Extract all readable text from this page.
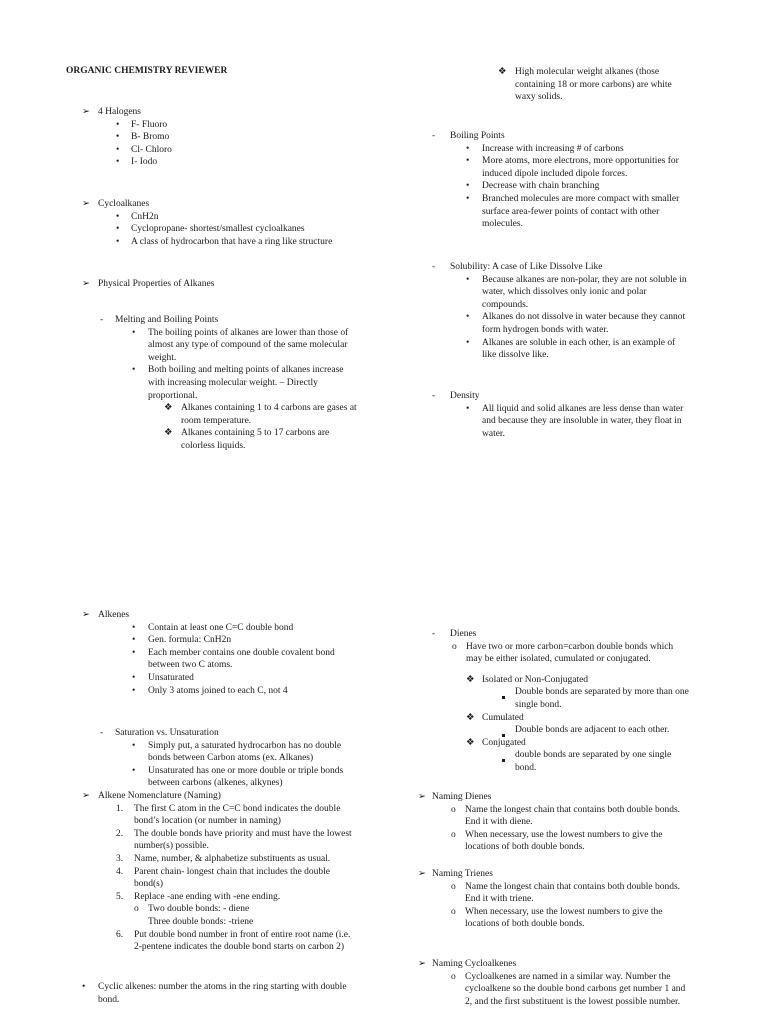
ORGANIC CHEMISTRY REVIEWER
➢ 4 Halogens
• F- Fluoro
• B- Bromo
• Cl- Chloro
• I- Iodo
➢ Cycloalkanes
• CnH2n
• Cyclopropane- shortest/smallest cycloalkanes
• A class of hydrocarbon that have a ring like structure
➢ Physical Properties of Alkanes
- Melting and Boiling Points
• The boiling points of alkanes are lower than those of
almost any type of compound of the same molecular
weight.
• Both boiling and melting points of alkanes increase
with increasing molecular weight. – Directly
proportional.
❖ Alkanes containing 1 to 4 carbons are gases at
room temperature.
❖ Alkanes containing 5 to 17 carbons are
colorless liquids.
➢ Alkenes
• Contain at least one C=C double bond
• Gen. formula: CnH2n
• Each member contains one double covalent bond
between two C atoms.
• Unsaturated
• Only 3 atoms joined to each C, not 4
- Saturation vs. Unsaturation
• Simply put, a saturated hydrocarbon has no double
bonds between Carbon atoms (ex. Alkanes)
• Unsaturated has one or more double or triple bonds
between carbons (alkenes, alkynes)
➢ Alkene Nomenclature (Naming)
1. The first C atom in the C=C bond indicates the double
bond’s location (or number in naming)
2. The double bonds have priority and must have the lowest
number(s) possible.
3. Name, number, & alphabetize substituents as usual.
4. Parent chain- longest chain that includes the double
bond(s)
5. Replace -ane ending with -ene ending.
o Two double bonds: - diene
Three double bonds: -triene
6. Put double bond number in front of entire root name (i.e.
2-pentene indicates the double bond starts on carbon 2)
• Cyclic alkenes: number the atoms in the ring starting with double
bond.
❖ High molecular weight alkanes (those
containing 18 or more carbons) are white
waxy solids.
- Boiling Points
• Increase with increasing # of carbons
• More atoms, more electrons, more opportunities for
induced dipole included dipole forces.
• Decrease with chain branching
• Branched molecules are more compact with smaller
surface area-fewer points of contact with other
molecules.
- Solubility: A case of Like Dissolve Like
• Because alkanes are non-polar, they are not soluble in
water, which dissolves only ionic and polar
compounds.
• Alkanes do not dissolve in water because they cannot
form hydrogen bonds with water.
• Alkanes are soluble in each other, is an example of
like dissolve like.
- Density
• All liquid and solid alkanes are less dense than water
and because they are insoluble in water, they float in
water.
- Dienes
o Have two or more carbon=carbon double bonds which
may be either isolated, cumulated or conjugated.
❖ Isolated or Non-Conjugated
Double bonds are separated by more than one
single bond.
❖ Cumulated
Double bonds are adjacent to each other.
❖ Conjugated
double bonds are separated by one single
bond.
➢ Naming Dienes
o Name the longest chain that contains both double bonds.
End it with diene.
o When necessary, use the lowest numbers to give the
locations of both double bonds.
➢ Naming Trienes
o Name the longest chain that contains both double bonds.
End it with triene.
o When necessary, use the lowest numbers to give the
locations of both double bonds.
➢ Naming Cycloalkenes
o Cycloalkenes are named in a similar way. Number the
cycloalkene so the double bond carbons get number 1 and
2, and the first substituent is the lowest possible number.
